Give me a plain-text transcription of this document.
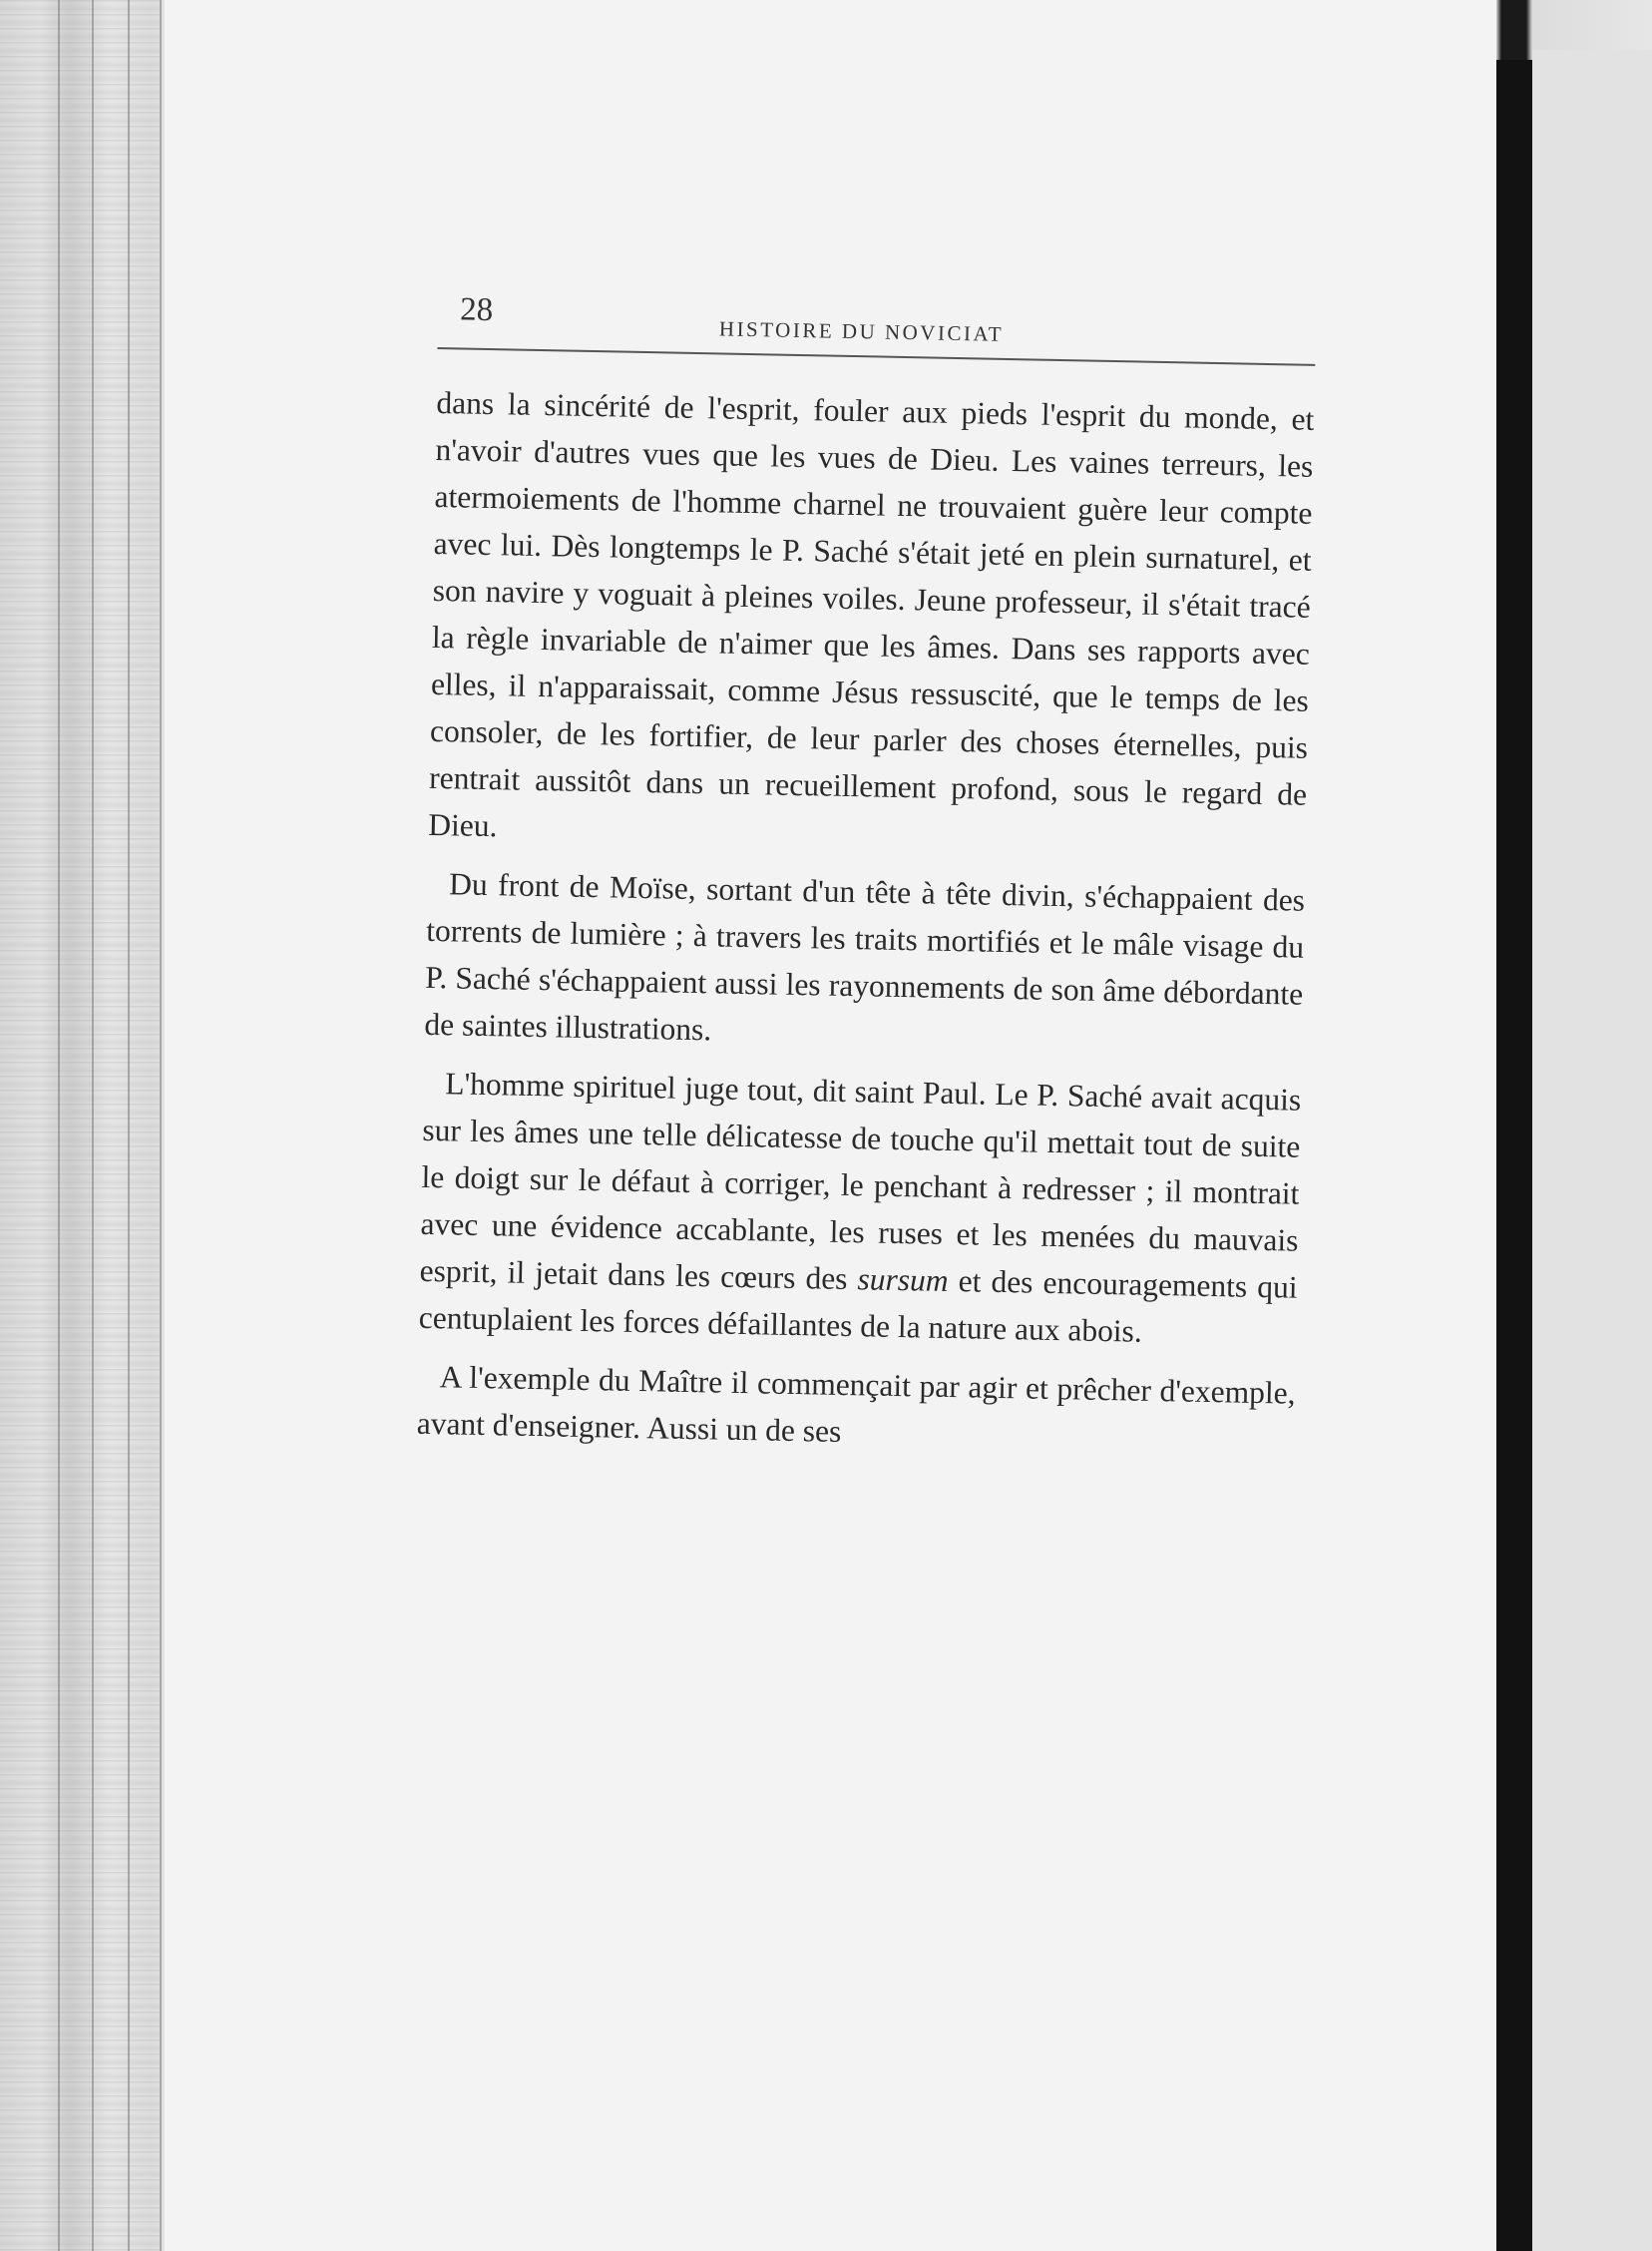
28
HISTOIRE DU NOVICIAT

dans la sincérité de l'esprit, fouler aux pieds l'esprit du monde, et n'avoir d'autres vues que les vues de Dieu. Les vaines terreurs, les atermoiements de l'homme charnel ne trouvaient guère leur compte avec lui. Dès longtemps le P. Saché s'était jeté en plein surnaturel, et son navire y voguait à pleines voiles. Jeune professeur, il s'était tracé la règle invariable de n'aimer que les âmes. Dans ses rapports avec elles, il n'apparaissait, comme Jésus ressuscité, que le temps de les consoler, de les fortifier, de leur parler des choses éternelles, puis rentrait aussitôt dans un recueillement profond, sous le regard de Dieu.

Du front de Moïse, sortant d'un tête à tête divin, s'échappaient des torrents de lumière ; à travers les traits mortifiés et le mâle visage du P. Saché s'échappaient aussi les rayonnements de son âme débordante de saintes illustrations.

L'homme spirituel juge tout, dit saint Paul. Le P. Saché avait acquis sur les âmes une telle délicatesse de touche qu'il mettait tout de suite le doigt sur le défaut à corriger, le penchant à redresser ; il montrait avec une évidence accablante, les ruses et les menées du mauvais esprit, il jetait dans les cœurs des sursum et des encouragements qui centuplaient les forces défaillantes de la nature aux abois.

A l'exemple du Maître il commençait par agir et prêcher d'exemple, avant d'enseigner. Aussi un de ses
